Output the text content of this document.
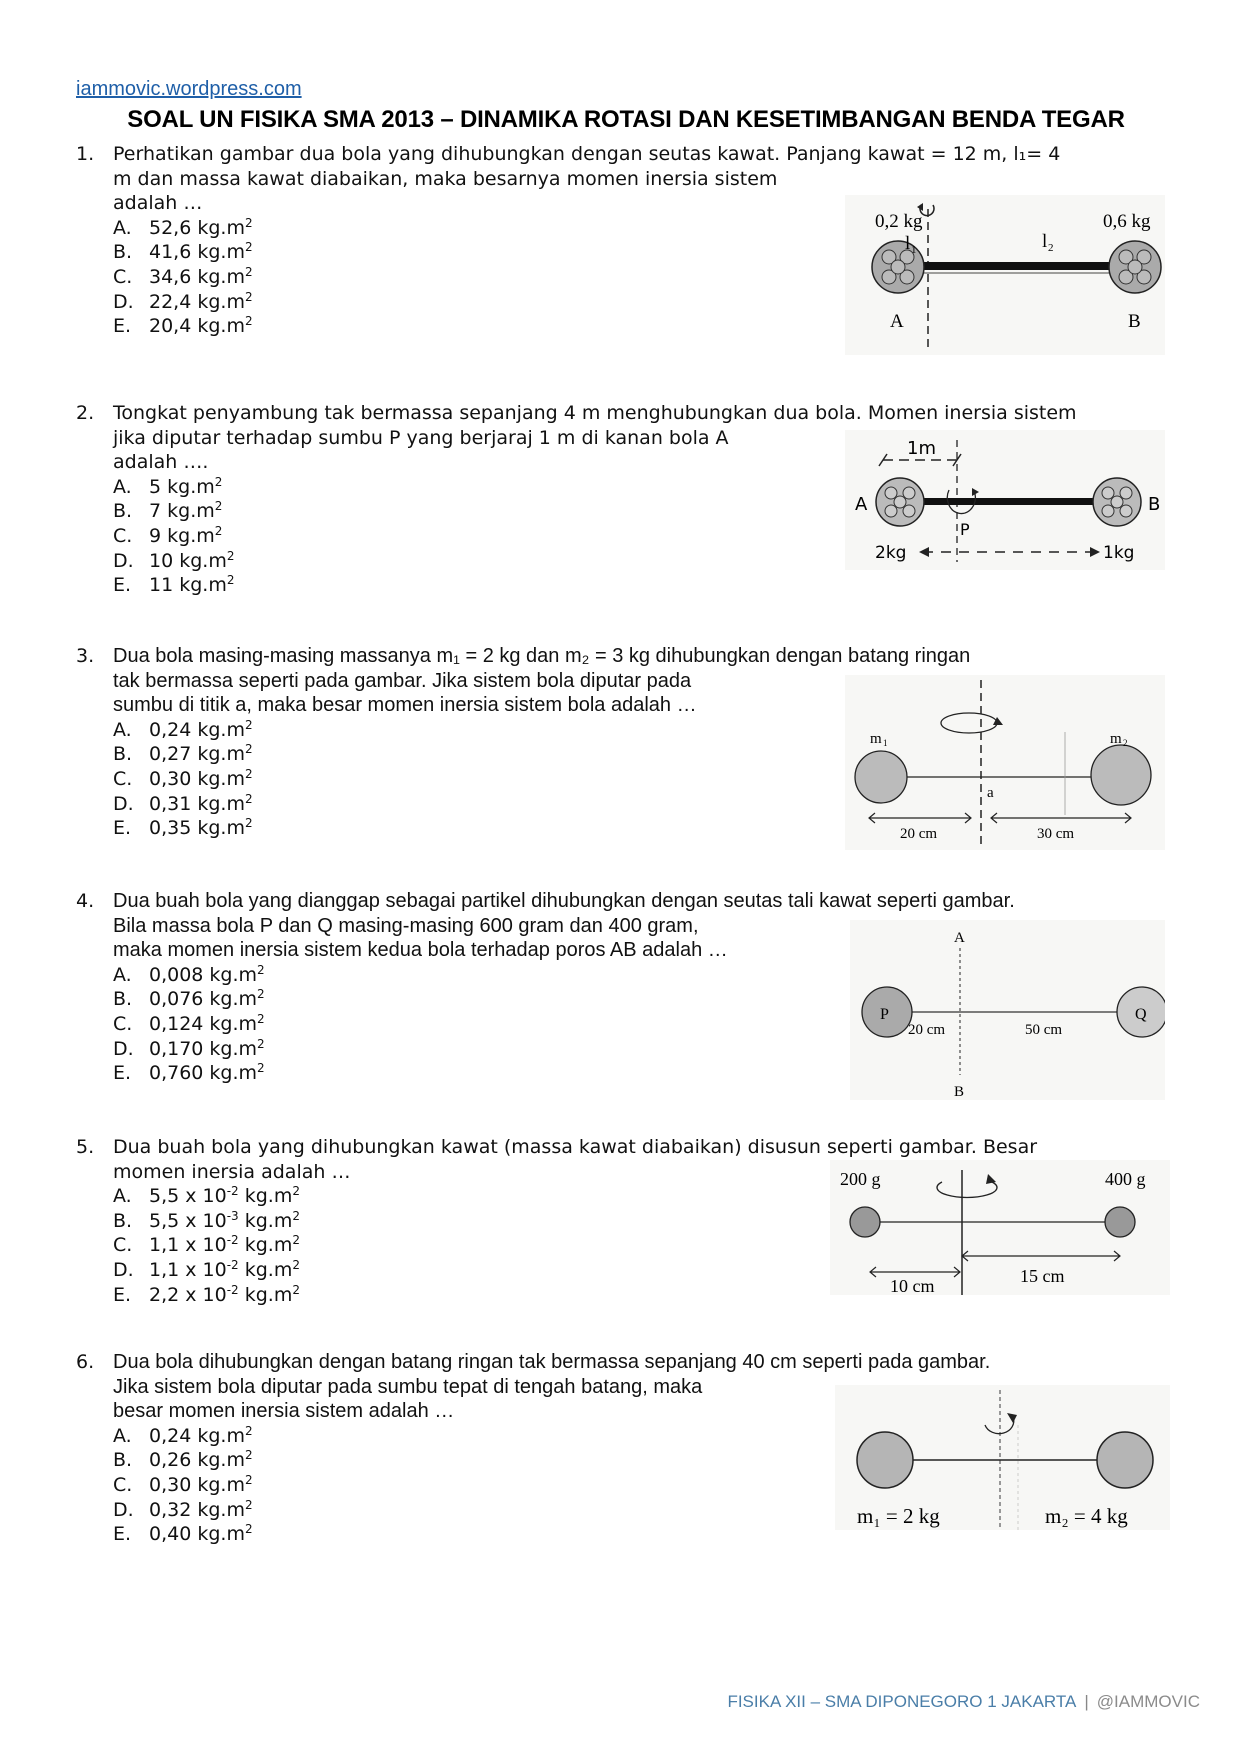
iammovic.wordpress.com
SOAL UN FISIKA SMA 2013 – DINAMIKA ROTASI DAN KESETIMBANGAN BENDA TEGAR
1. Perhatikan gambar dua bola yang dihubungkan dengan seutas kawat. Panjang kawat = 12 m, l₁= 4
m dan massa kawat diabaikan, maka besarnya momen inersia sistem
adalah …
A. 52,6 $kg.m^2$
B. 41,6 $kg.m^2$
C. 34,6 $kg.m^2$
D. 22,4 $kg.m^2$
E. 20,4 $kg.m^2$
0,2 kg	0,6 kg
l 1	l 2
A	B
2. Tongkat penyambung tak bermassa sepanjang 4 m menghubungkan dua bola. Momen inersia sistem
jika diputar terhadap sumbu P yang berjaraj 1 m di kanan bola A
adalah ….
A. 5 $kg.m^2$
B. 7 $kg.m^2$
C. 9 $kg.m^2$
D. 10 $kg.m^2$
E. 11 $kg.m^2$
1m
A	B
P
2kg	1kg
3. Dua bola masing-masing massanya m₁ = 2 kg dan m₂ = 3 kg dihubungkan dengan batang ringan
tak bermassa seperti pada gambar. Jika sistem bola diputar pada
sumbu di titik a, maka besar momen inersia sistem bola adalah …
A. 0,24 $kg.m^2$
B. 0,27 $kg.m^2$
C. 0,30 $kg.m^2$
D. 0,31 $kg.m^2$
E. 0,35 $kg.m^2$
m 1	m 2
a
20 cm	30 cm
4. Dua buah bola yang dianggap sebagai partikel dihubungkan dengan seutas tali kawat seperti gambar.
Bila massa bola P dan Q masing-masing 600 gram dan 400 gram,
maka momen inersia sistem kedua bola terhadap poros AB adalah …
A. 0,008 $kg.m^2$
B. 0,076 $kg.m^2$
C. 0,124 $kg.m^2$
D. 0,170 $kg.m^2$
E. 0,760 $kg.m^2$
A
B
P	Q
20 cm	50 cm
5. Dua buah bola yang dihubungkan kawat (massa kawat diabaikan) disusun seperti gambar. Besar
momen inersia adalah …
A. 5,5 x $10^{-2}$ $kg.m^2$
B. 5,5 x $10^{-3}$ $kg.m^2$
C. 1,1 x $10^{-2}$ $kg.m^2$
D. 1,1 x $10^{-2}$ $kg.m^2$
E. 2,2 x $10^{-2}$ $kg.m^2$
200 g	400 g
15 cm
10 cm
6. Dua bola dihubungkan dengan batang ringan tak bermassa sepanjang 40 cm seperti pada gambar.
Jika sistem bola diputar pada sumbu tepat di tengah batang, maka
besar momen inersia sistem adalah …
A. 0,24 $kg.m^2$
B. 0,26 $kg.m^2$
C. 0,30 $kg.m^2$
D. 0,32 $kg.m^2$
E. 0,40 $kg.m^2$
m₁ = 2 kg	m₂ = 4 kg
FISIKA XII – SMA DIPONEGORO 1 JAKARTA | @IAMMOVIC
